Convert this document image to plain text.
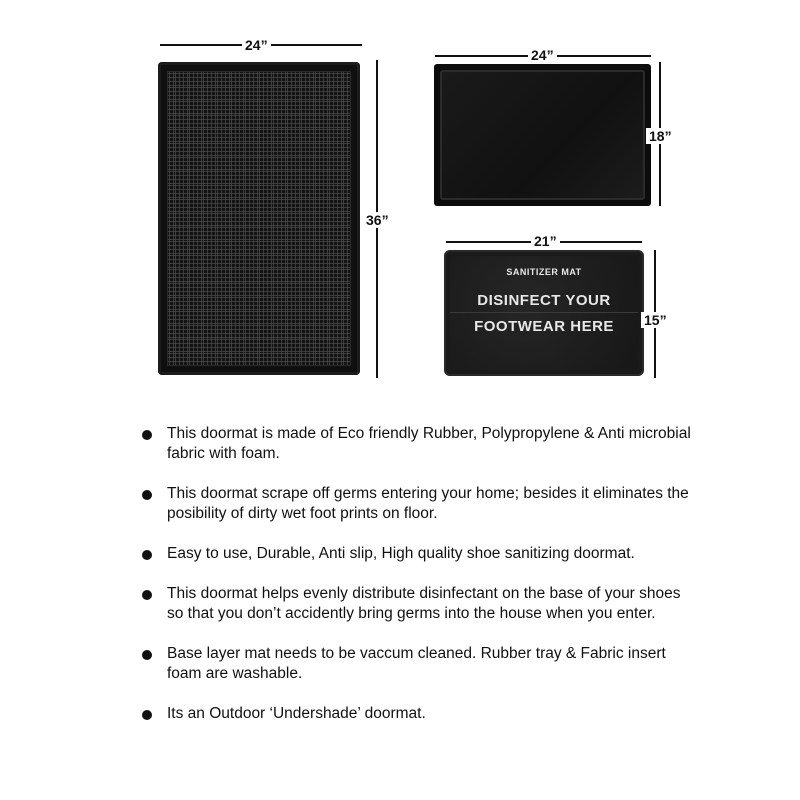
24”
36”
24”
18”
21”
SANITIZER MAT
DISINFECT YOUR
FOOTWEAR HERE	15”
This doormat is made of Eco friendly Rubber, Polypropylene & Anti microbial fabric with foam.
This doormat scrape off germs entering your home; besides it eliminates the posibility of dirty wet foot prints on floor.
Easy to use, Durable, Anti slip, High quality shoe sanitizing doormat.
This doormat helps evenly distribute disinfectant on the base of your shoes so that you don’t accidently bring germs into the house when you enter.
Base layer mat needs to be vaccum cleaned. Rubber tray & Fabric insert foam are washable.
Its an Outdoor ‘Undershade’ doormat.
